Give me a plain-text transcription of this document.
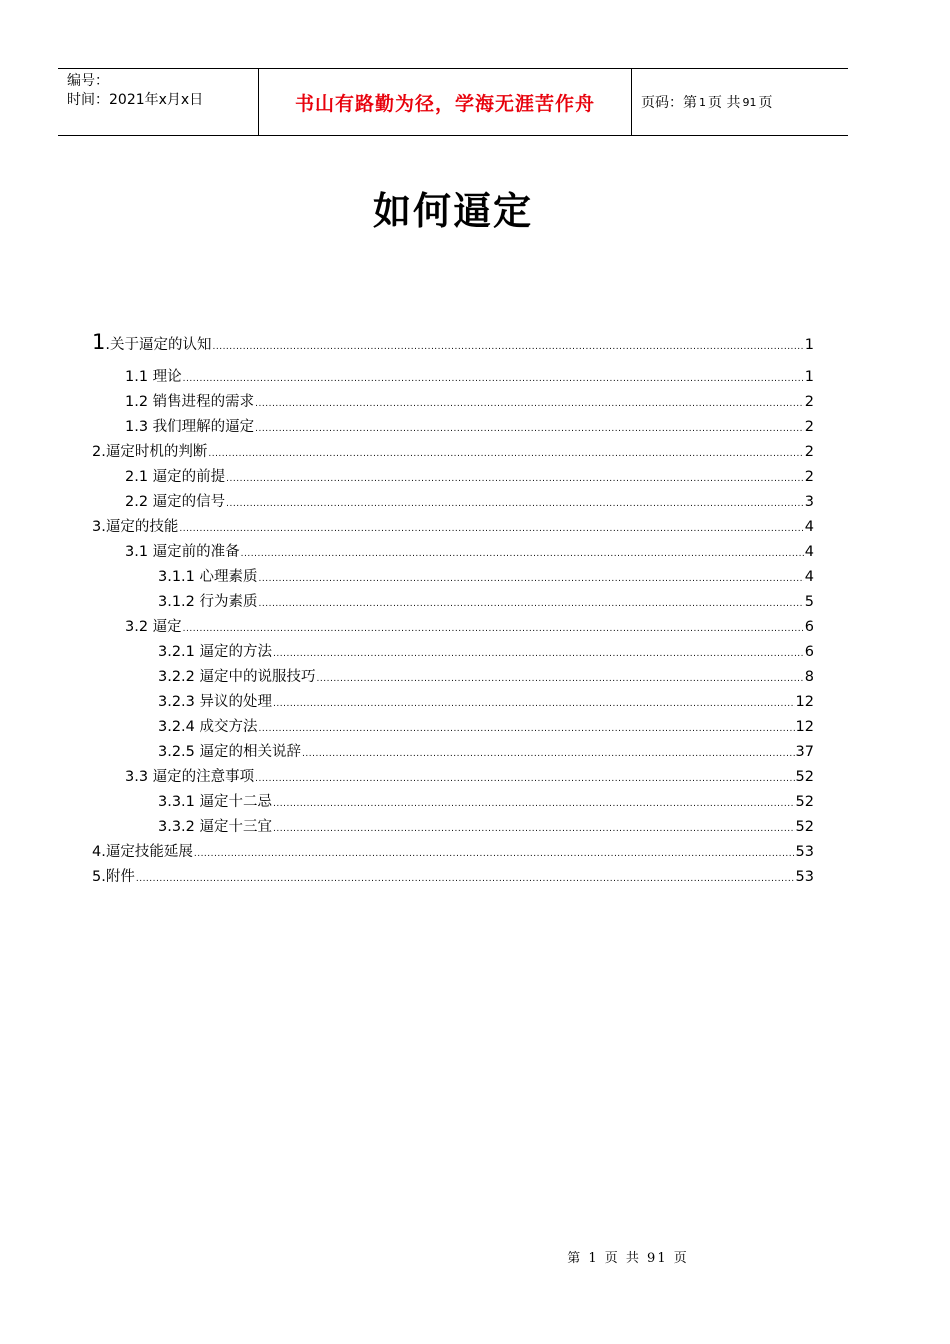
编号：
时间：2021年x月x日	书山有路勤为径，学海无涯苦作舟	页码：第 1 页 共 91 页
如何逼定
1.关于逼定的认知 .....	1
1.1 理论 .....	1
1.2 销售进程的需求 .....	2
1.3 我们理解的逼定 .....	2
2.逼定时机的判断 .....	2
2.1 逼定的前提 .....	2
2.2 逼定的信号 .....	3
3.逼定的技能 .....	4
3.1 逼定前的准备 .....	4
3.1.1 心理素质 .....	4
3.1.2 行为素质 .....	5
3.2 逼定 .....	6
3.2.1 逼定的方法 .....	6
3.2.2 逼定中的说服技巧 .....	8
3.2.3 异议的处理 .....	12
3.2.4 成交方法 .....	12
3.2.5 逼定的相关说辞 .....	37
3.3 逼定的注意事项 .....	52
3.3.1 逼定十二忌 .....	52
3.3.2 逼定十三宜 .....	52
4.逼定技能延展 .....	53
5.附件 .....	53
第 1 页 共 91 页
